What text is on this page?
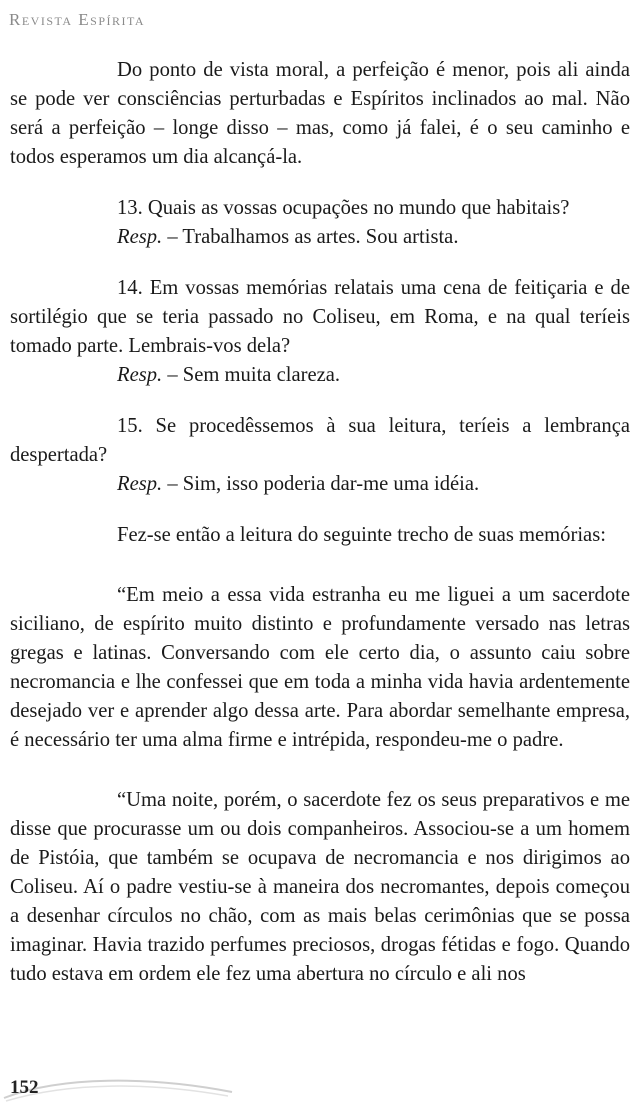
Revista Espírita

Do ponto de vista moral, a perfeição é menor, pois ali ainda se pode ver consciências perturbadas e Espíritos inclinados ao mal. Não será a perfeição – longe disso – mas, como já falei, é o seu caminho e todos esperamos um dia alcançá-la.

13. Quais as vossas ocupações no mundo que habitais?

Resp. – Trabalhamos as artes. Sou artista.

14. Em vossas memórias relatais uma cena de feitiçaria e de sortilégio que se teria passado no Coliseu, em Roma, e na qual teríeis tomado parte. Lembrais-vos dela?

Resp. – Sem muita clareza.

15. Se procedêssemos à sua leitura, teríeis a lembrança despertada?

Resp. – Sim, isso poderia dar-me uma idéia.

Fez-se então a leitura do seguinte trecho de suas memórias:

“Em meio a essa vida estranha eu me liguei a um sacerdote siciliano, de espírito muito distinto e profundamente versado nas letras gregas e latinas. Conversando com ele certo dia, o assunto caiu sobre necromancia e lhe confessei que em toda a minha vida havia ardentemente desejado ver e aprender algo dessa arte. Para abordar semelhante empresa, é necessário ter uma alma firme e intrépida, respondeu-me o padre.

“Uma noite, porém, o sacerdote fez os seus preparativos e me disse que procurasse um ou dois companheiros. Associou-se a um homem de Pistóia, que também se ocupava de necromancia e nos dirigimos ao Coliseu. Aí o padre vestiu-se à maneira dos necromantes, depois começou a desenhar círculos no chão, com as mais belas cerimônias que se possa imaginar. Havia trazido perfumes preciosos, drogas fétidas e fogo. Quando tudo estava em ordem ele fez uma abertura no círculo e ali nos

152
